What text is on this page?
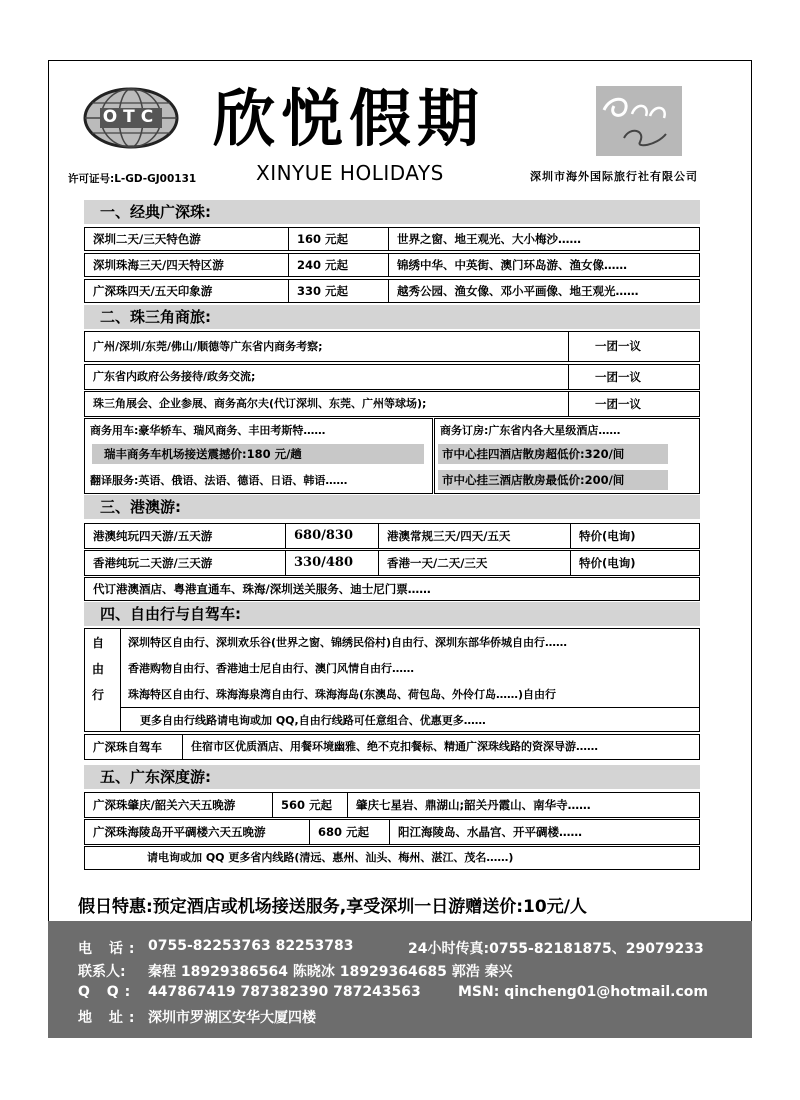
OTC 欣悦假期
XINYUE HOLIDAYS
许可证号:L-GD-GJ00131	深圳市海外国际旅行社有限公司
一、经典广深珠:
深圳二天/三天特色游	160 元起	世界之窗、地王观光、大小梅沙……
深圳珠海三天/四天特区游	240 元起	锦绣中华、中英街、澳门环岛游、渔女像……
广深珠四天/五天印象游	330 元起	越秀公园、渔女像、邓小平画像、地王观光……
二、珠三角商旅:
广州/深圳/东莞/佛山/顺德等广东省内商务考察;	一团一议
广东省内政府公务接待/政务交流;	一团一议
珠三角展会、企业参展、商务高尔夫(代订深圳、东莞、广州等球场);	一团一议
商务用车:豪华轿车、瑞风商务、丰田考斯特……
瑞丰商务车机场接送震撼价:180 元/趟
翻译服务:英语、俄语、法语、德语、日语、韩语……
商务订房:广东省内各大星级酒店……
市中心挂四酒店散房超低价:320/间
市中心挂三酒店散房最低价:200/间
三、港澳游:
港澳纯玩四天游/五天游	680/830	港澳常规三天/四天/五天	特价(电询)
香港纯玩二天游/三天游	330/480	香港一天/二天/三天	特价(电询)
代订港澳酒店、粤港直通车、珠海/深圳送关服务、迪士尼门票……
四、自由行与自驾车:
自
由
行
深圳特区自由行、深圳欢乐谷(世界之窗、锦绣民俗村)自由行、深圳东部华侨城自由行……
香港购物自由行、香港迪士尼自由行、澳门风情自由行……
珠海特区自由行、珠海海泉湾自由行、珠海海岛(东澳岛、荷包岛、外伶仃岛……)自由行
更多自由行线路请电询或加 QQ,自由行线路可任意组合、优惠更多……
广深珠自驾车	住宿市区优质酒店、用餐环境幽雅、绝不克扣餐标、精通广深珠线路的资深导游……
五、广东深度游:
广深珠肇庆/韶关六天五晚游	560 元起	肇庆七星岩、鼎湖山;韶关丹霞山、南华寺……
广深珠海陵岛开平碉楼六天五晚游	680 元起	阳江海陵岛、水晶宫、开平碉楼……
请电询或加 QQ 更多省内线路(清远、惠州、汕头、梅州、湛江、茂名……)
假日特惠:预定酒店或机场接送服务,享受深圳一日游赠送价:10元/人
电 话: 0755-82253763 82253783	24小时传真:0755-82181875、29079233
联系人: 秦程 18929386564 陈晓冰 18929364685 郭浩 秦兴
Q Q: 447867419 787382390 787243563	MSN: qincheng01@hotmail.com
地 址: 深圳市罗湖区安华大厦四楼
